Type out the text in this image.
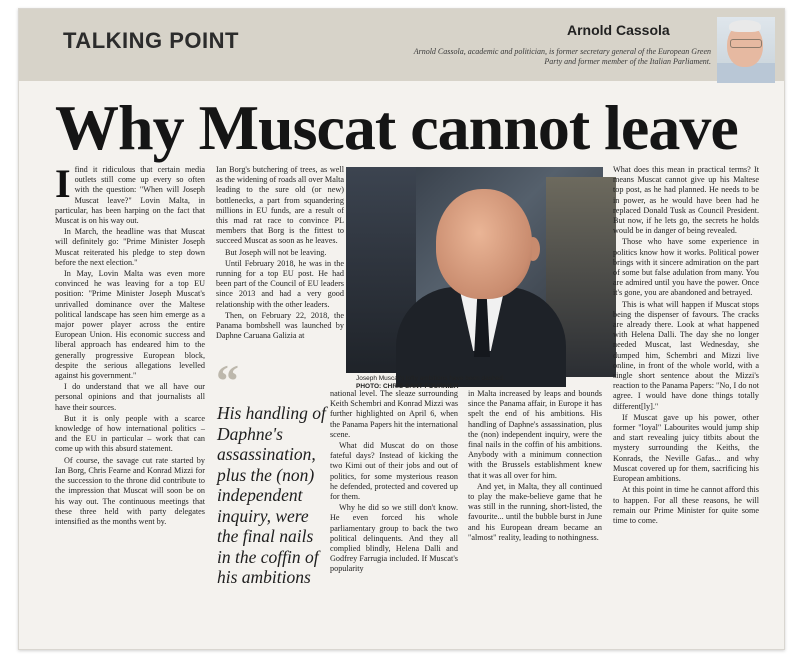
TALKING POINT	Arnold Cassola
Arnold Cassola, academic and politician, is former secretary general of the European Green Party and former member of the Italian Parliament.
Why Muscat cannot leave

Ifind it ridiculous that certain media outlets still come up every so often with the question: "When will Joseph Muscat leave?" Lovin Malta, in particular, has been harping on the fact that Muscat is on his way out.

In March, the headline was that Muscat will definitely go: "Prime Minister Joseph Muscat reiterated his pledge to step down before the next election."

In May, Lovin Malta was even more convinced he was leaving for a top EU position: "Prime Minister Joseph Muscat's unrivalled dominance over the Maltese political landscape has seen him emerge as a major power player across the entire European Union. His economic success and liberal approach has endeared him to the generally progressive European block, despite the serious allegations levelled against his government."

I do understand that we all have our personal opinions and that journalists all have their sources.

But it is only people with a scarce knowledge of how international politics – and the EU in particular – work that can come up with this absurd statement.

Of course, the savage cut rate started by Ian Borg, Chris Fearne and Konrad Mizzi for the succession to the throne did contribute to the impression that Muscat will soon be on his way out. The continuous meetings that these three held with party delegates intensified as the months went by.

Ian Borg's butchering of trees, as well as the widening of roads all over Malta leading to the sure old (or new) bottlenecks, a part from squandering millions in EU funds, are a result of this mad rat race to convince PL members that Borg is the fittest to succeed Muscat as soon as he leaves.

But Joseph will not be leaving.

Until February 2018, he was in the running for a top EU post. He had been part of the Council of EU leaders since 2013 and had a very good relationship with the other leaders.

Then, on February 22, 2018, the Panama bombshell was launched by Daphne Caruana Galizia at

Joseph Muscat's lofty ambitions have been dashed.
PHOTO: CHRIS SANT FOURNIER
“
His handling of Daphne's assassination, plus the (non) independent inquiry, were the final nails in the coffin of his ambitions

national level. The sleaze surrounding Keith Schembri and Konrad Mizzi was further highlighted on April 6, when the Panama Papers hit the international scene.

What did Muscat do on those fateful days? Instead of kicking the two Kimi out of their jobs and out of politics, for some mysterious reason he defended, protected and covered up for them.

Why he did so we still don't know. He even forced his whole parliamentary group to back the two political delinquents. And they all complied blindly, Helena Dalli and Godfrey Farrugia included. If Muscat's popularity

in Malta increased by leaps and bounds since the Panama affair, in Europe it has spelt the end of his ambitions. His handling of Daphne's assassination, plus the (non) independent inquiry, were the final nails in the coffin of his ambitions. Anybody with a minimum connection with the Brussels establishment knew that it was all over for him.

And yet, in Malta, they all continued to play the make-believe game that he was still in the running, short-listed, the favourite... until the bubble burst in June and his European dream became an "almost" reality, leading to nothingness.

What does this mean in practical terms? It means Muscat cannot give up his Maltese top post, as he had planned. He needs to be in power, as he would have been had he replaced Donald Tusk as Council President. But now, if he lets go, the secrets he holds would be in danger of being revealed.

Those who have some experience in politics know how it works. Political power brings with it sincere admiration on the part of some but false adulation from many. You are admired until you have the power. Once it's gone, you are abandoned and betrayed.

This is what will happen if Muscat stops being the dispenser of favours. The cracks are already there. Look at what happened with Helena Dalli. The day she no longer needed Muscat, last Wednesday, she dumped him, Schembri and Mizzi live online, in front of the whole world, with a single short sentence about the Mizzi's reaction to the Panama Papers: "No, I do not agree. I would have done things totally different[ly]."

If Muscat gave up his power, other former "loyal" Labourites would jump ship and start revealing juicy titbits about the mystery surrounding the Keiths, the Konrads, the Neville Gafas... and why Muscat covered up for them, sacrificing his European ambitions.

At this point in time he cannot afford this to happen. For all these reasons, he will remain our Prime Minister for quite some time to come.
